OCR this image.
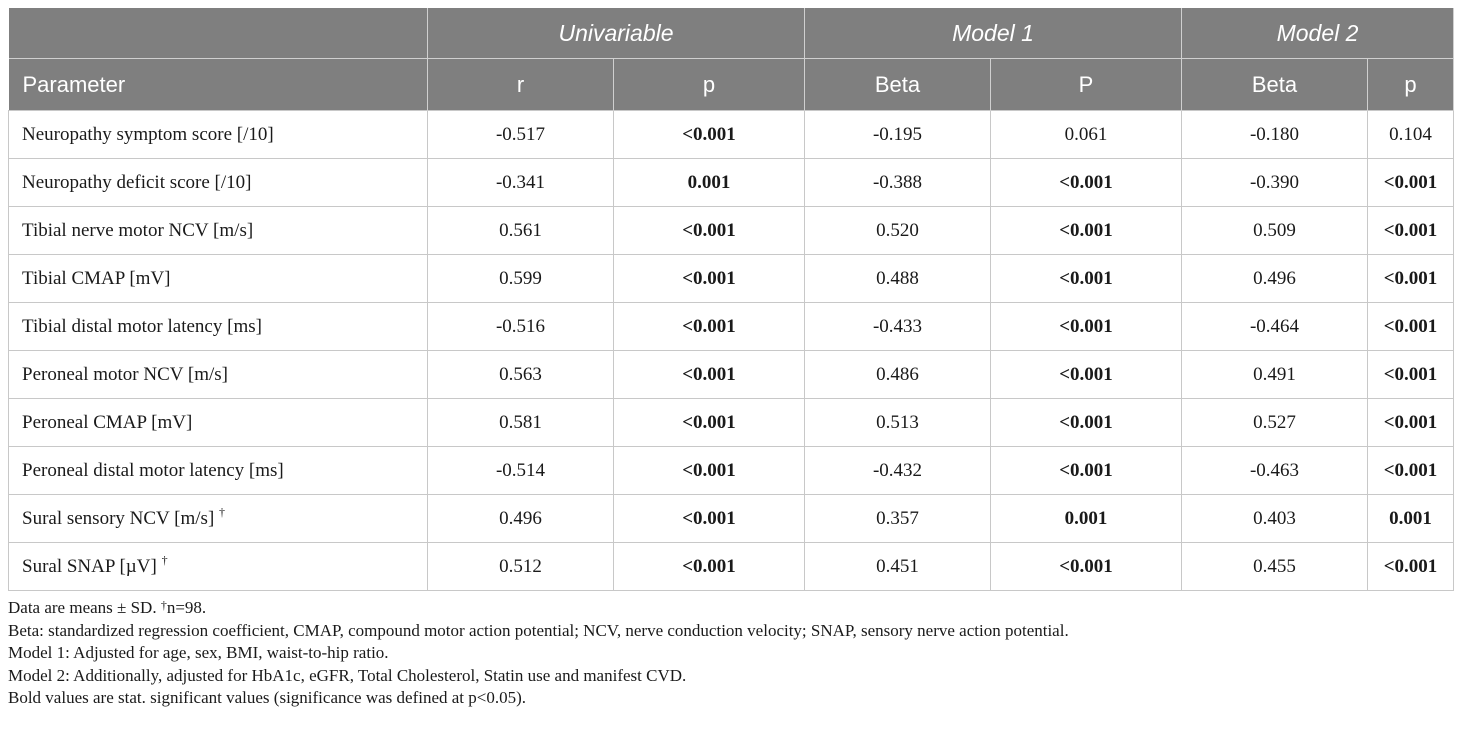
	Univariable		Model 1		Model 2	
Parameter	r	p	Beta	P	Beta	p
Neuropathy symptom score [/10]	-0.517	<0.001	-0.195	0.061	-0.180	0.104
Neuropathy deficit score [/10]	-0.341	0.001	-0.388	<0.001	-0.390	<0.001
Tibial nerve motor NCV [m/s]	0.561	<0.001	0.520	<0.001	0.509	<0.001
Tibial CMAP [mV]	0.599	<0.001	0.488	<0.001	0.496	<0.001
Tibial distal motor latency [ms]	-0.516	<0.001	-0.433	<0.001	-0.464	<0.001
Peroneal motor NCV [m/s]	0.563	<0.001	0.486	<0.001	0.491	<0.001
Peroneal CMAP [mV]	0.581	<0.001	0.513	<0.001	0.527	<0.001
Peroneal distal motor latency [ms]	-0.514	<0.001	-0.432	<0.001	-0.463	<0.001
Sural sensory NCV [m/s] †	0.496	<0.001	0.357	0.001	0.403	0.001
Sural SNAP [µV] †	0.512	<0.001	0.451	<0.001	0.455	<0.001
Data are means ± SD. †n=98.
Beta: standardized regression coefficient, CMAP, compound motor action potential; NCV, nerve conduction velocity; SNAP, sensory nerve action potential.
Model 1: Adjusted for age, sex, BMI, waist-to-hip ratio.
Model 2: Additionally, adjusted for HbA1c, eGFR, Total Cholesterol, Statin use and manifest CVD.
Bold values are stat. significant values (significance was defined at p<0.05).
